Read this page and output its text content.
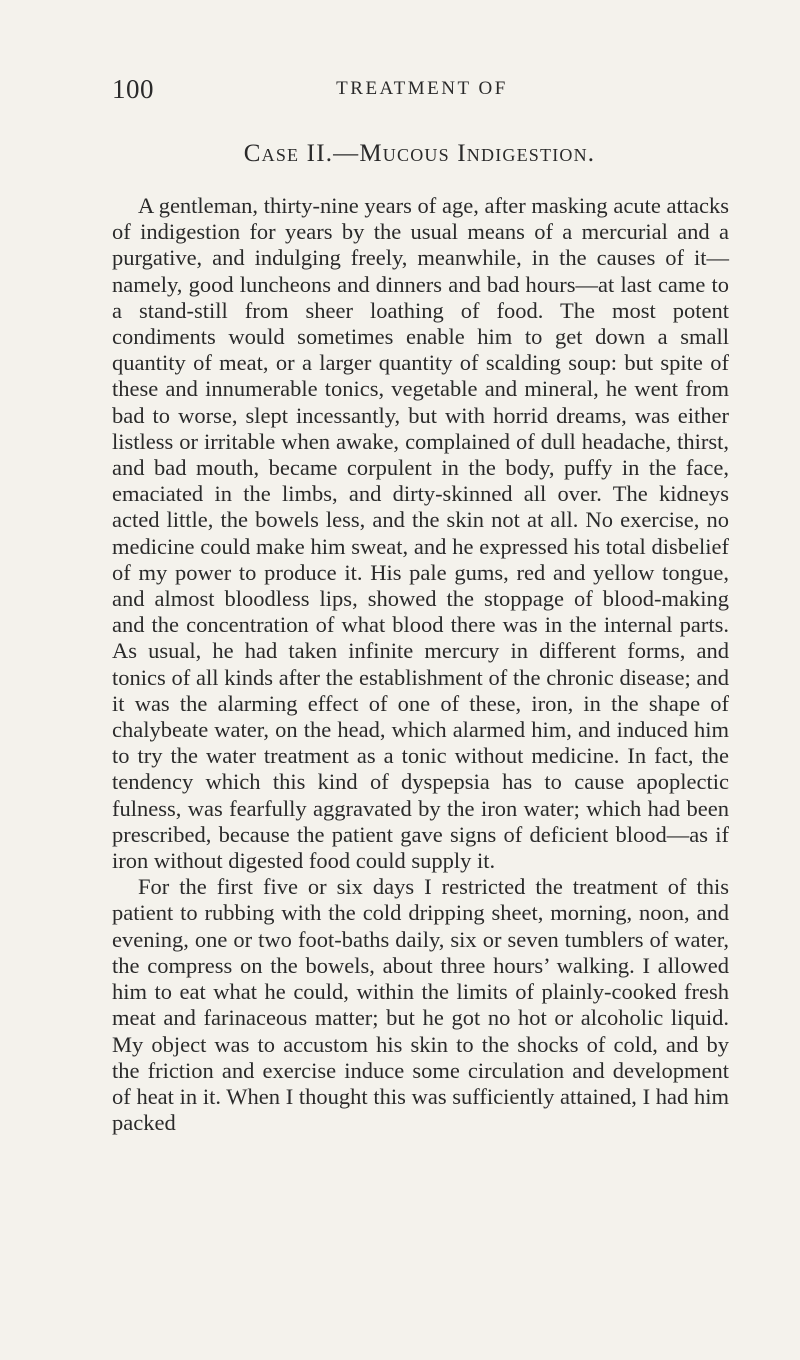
100	TREATMENT OF
Case II.—Mucous Indigestion.

A gentleman, thirty-nine years of age, after masking acute attacks of indigestion for years by the usual means of a mercurial and a purgative, and indulging freely, meanwhile, in the causes of it—namely, good luncheons and dinners and bad hours—at last came to a stand-still from sheer loathing of food. The most potent condiments would sometimes enable him to get down a small quantity of meat, or a larger quantity of scalding soup: but spite of these and innumerable tonics, vegetable and mineral, he went from bad to worse, slept incessantly, but with horrid dreams, was either listless or irritable when awake, complained of dull headache, thirst, and bad mouth, became corpulent in the body, puffy in the face, emaciated in the limbs, and dirty-skinned all over. The kidneys acted little, the bowels less, and the skin not at all. No exercise, no medicine could make him sweat, and he expressed his total disbelief of my power to produce it. His pale gums, red and yellow tongue, and almost bloodless lips, showed the stoppage of blood-making and the concentration of what blood there was in the internal parts. As usual, he had taken infinite mercury in different forms, and tonics of all kinds after the establishment of the chronic disease; and it was the alarming effect of one of these, iron, in the shape of chalybeate water, on the head, which alarmed him, and induced him to try the water treatment as a tonic without medicine. In fact, the tendency which this kind of dyspepsia has to cause apoplectic fulness, was fearfully aggravated by the iron water; which had been prescribed, because the patient gave signs of deficient blood—as if iron without digested food could supply it.

For the first five or six days I restricted the treatment of this patient to rubbing with the cold dripping sheet, morning, noon, and evening, one or two foot-baths daily, six or seven tumblers of water, the compress on the bowels, about three hours’ walking. I allowed him to eat what he could, within the limits of plainly-cooked fresh meat and farinaceous matter; but he got no hot or alcoholic liquid. My object was to accustom his skin to the shocks of cold, and by the friction and exercise induce some circulation and development of heat in it. When I thought this was sufficiently attained, I had him packed
